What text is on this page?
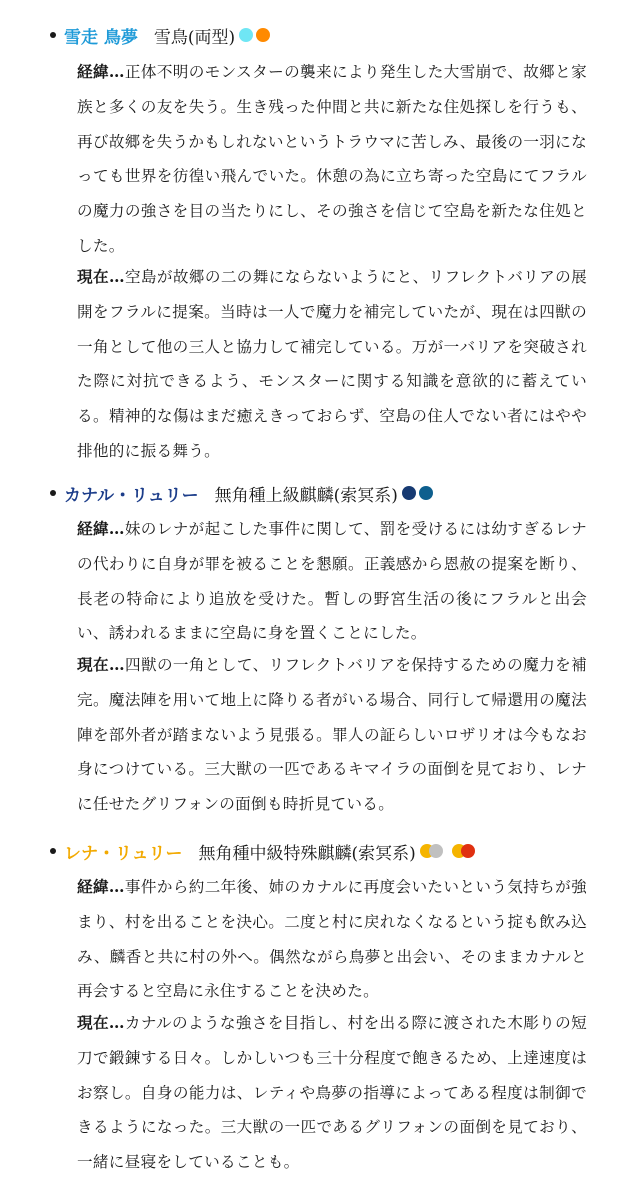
雪走 鳥夢 雪鳥(両型)

経緯…正体不明のモンスターの襲来により発生した大雪崩で、故郷と家族と多くの友を失う。生き残った仲間と共に新たな住処探しを行うも、再び故郷を失うかもしれないというトラウマに苦しみ、最後の一羽になっても世界を彷徨い飛んでいた。休憩の為に立ち寄った空島にてフラルの魔力の強さを目の当たりにし、その強さを信じて空島を新たな住処とした。

現在…空島が故郷の二の舞にならないようにと、リフレクトバリアの展開をフラルに提案。当時は一人で魔力を補完していたが、現在は四獣の一角として他の三人と協力して補完している。万が一バリアを突破された際に対抗できるよう、モンスターに関する知識を意欲的に蓄えている。精神的な傷はまだ癒えきっておらず、空島の住人でない者にはやや排他的に振る舞う。

カナル・リュリー 無角種上級麒麟(索冥系)

経緯…妹のレナが起こした事件に関して、罰を受けるには幼すぎるレナの代わりに自身が罪を被ることを懇願。正義感から恩赦の提案を断り、長老の特命により追放を受けた。暫しの野宮生活の後にフラルと出会い、誘われるままに空島に身を置くことにした。

現在…四獣の一角として、リフレクトバリアを保持するための魔力を補完。魔法陣を用いて地上に降りる者がいる場合、同行して帰還用の魔法陣を部外者が踏まないよう見張る。罪人の証らしいロザリオは今もなお身につけている。三大獣の一匹であるキマイラの面倒を見ており、レナに任せたグリフォンの面倒も時折見ている。

レナ・リュリー 無角種中級特殊麒麟(索冥系)

経緯…事件から約二年後、姉のカナルに再度会いたいという気持ちが強まり、村を出ることを決心。二度と村に戻れなくなるという掟も飲み込み、麟香と共に村の外へ。偶然ながら鳥夢と出会い、そのままカナルと再会すると空島に永住することを決めた。

現在…カナルのような強さを目指し、村を出る際に渡された木彫りの短刀で鍛錬する日々。しかしいつも三十分程度で飽きるため、上達速度はお察し。自身の能力は、レティや鳥夢の指導によってある程度は制御できるようになった。三大獣の一匹であるグリフォンの面倒を見ており、一緒に昼寝をしていることも。
